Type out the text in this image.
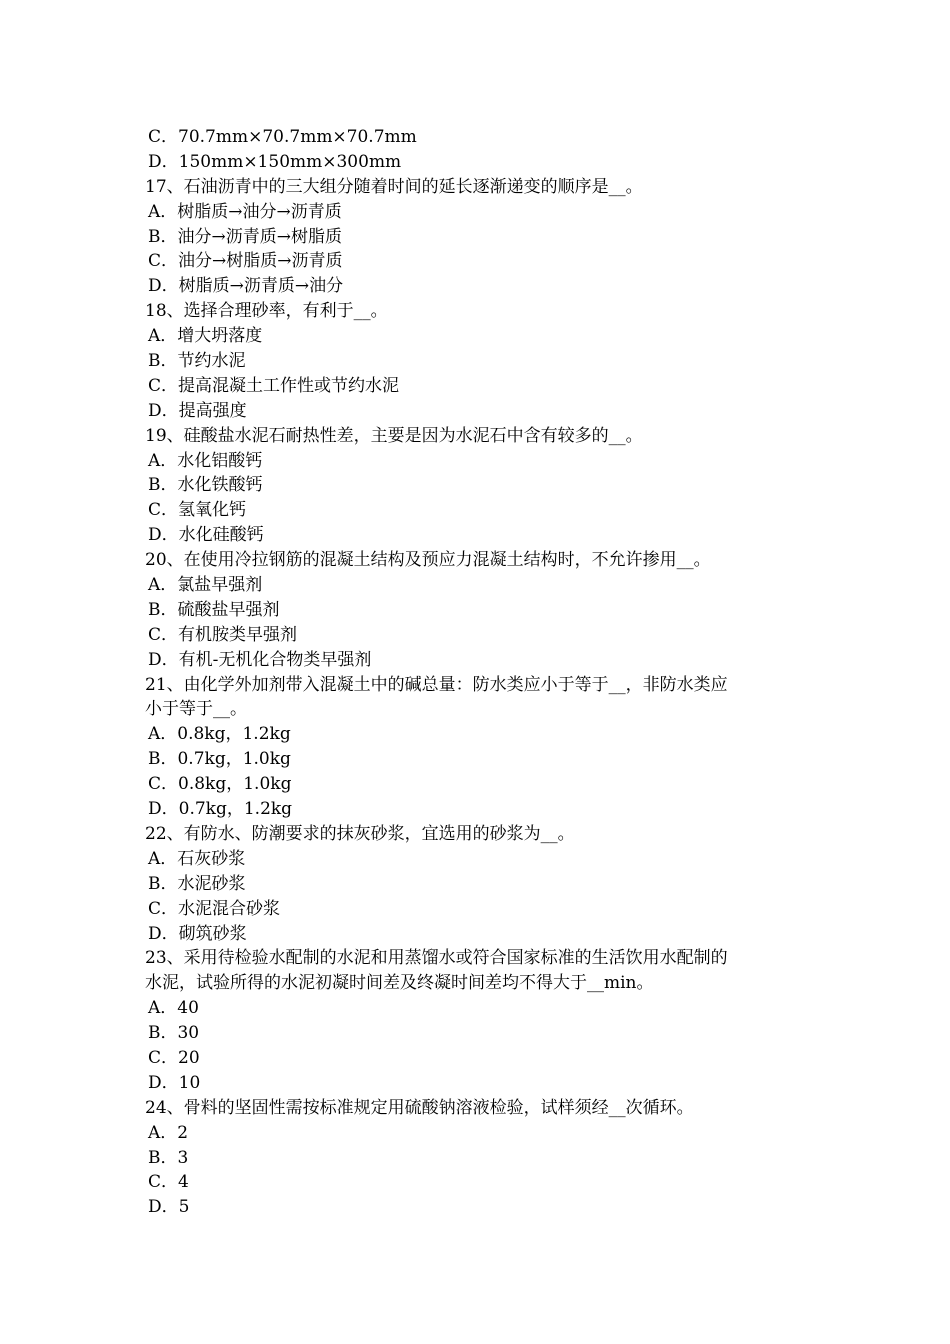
C．70.7mm×70.7mm×70.7mm
D．150mm×150mm×300mm
17、石油沥青中的三大组分随着时间的延长逐渐递变的顺序是__。
A．树脂质→油分→沥青质
B．油分→沥青质→树脂质
C．油分→树脂质→沥青质
D．树脂质→沥青质→油分
18、选择合理砂率，有利于__。
A．增大坍落度
B．节约水泥
C．提高混凝土工作性或节约水泥
D．提高强度
19、硅酸盐水泥石耐热性差，主要是因为水泥石中含有较多的__。
A．水化铝酸钙
B．水化铁酸钙
C．氢氧化钙
D．水化硅酸钙
20、在使用冷拉钢筋的混凝土结构及预应力混凝土结构时，不允许掺用__。
A．氯盐早强剂
B．硫酸盐早强剂
C．有机胺类早强剂
D．有机-无机化合物类早强剂
21、由化学外加剂带入混凝土中的碱总量：防水类应小于等于__，非防水类应
小于等于__。
A．0.8kg，1.2kg
B．0.7kg，1.0kg
C．0.8kg，1.0kg
D．0.7kg，1.2kg
22、有防水、防潮要求的抹灰砂浆，宜选用的砂浆为__。
A．石灰砂浆
B．水泥砂浆
C．水泥混合砂浆
D．砌筑砂浆
23、采用待检验水配制的水泥和用蒸馏水或符合国家标准的生活饮用水配制的
水泥，试验所得的水泥初凝时间差及终凝时间差均不得大于__min。
A．40
B．30
C．20
D．10
24、骨料的坚固性需按标准规定用硫酸钠溶液检验，试样须经__次循环。
A．2
B．3
C．4
D．5
